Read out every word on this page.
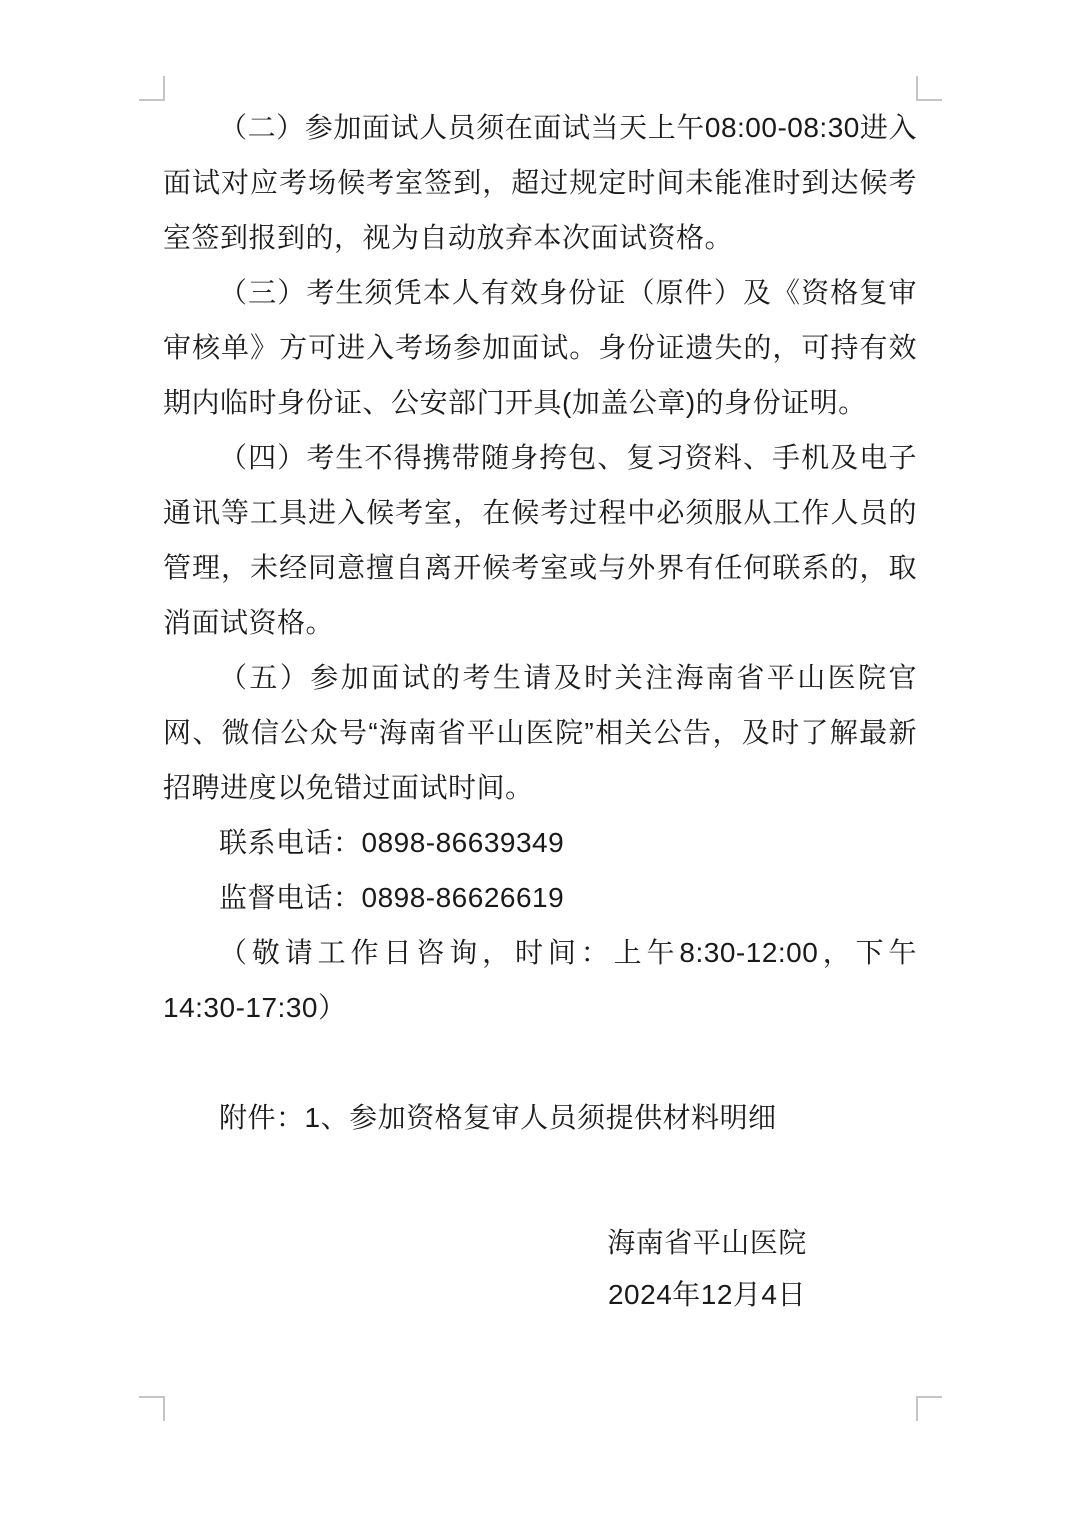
（二）参加面试人员须在面试当天上午08:00-08:30进入面试对应考场候考室签到，超过规定时间未能准时到达候考室签到报到的，视为自动放弃本次面试资格。

（三）考生须凭本人有效身份证（原件）及《资格复审审核单》方可进入考场参加面试。身份证遗失的，可持有效期内临时身份证、公安部门开具(加盖公章)的身份证明。

（四）考生不得携带随身挎包、复习资料、手机及电子通讯等工具进入候考室，在候考过程中必须服从工作人员的管理，未经同意擅自离开候考室或与外界有任何联系的，取消面试资格。

（五）参加面试的考生请及时关注海南省平山医院官网、微信公众号“海南省平山医院”相关公告，及时了解最新招聘进度以免错过面试时间。

联系电话：0898-86639349

监督电话：0898-86626619

（敬请工作日咨询，时间：上午8:30-12:00，下午14:30-17:30）

附件：1、参加资格复审人员须提供材料明细

海南省平山医院
2024年12月4日
